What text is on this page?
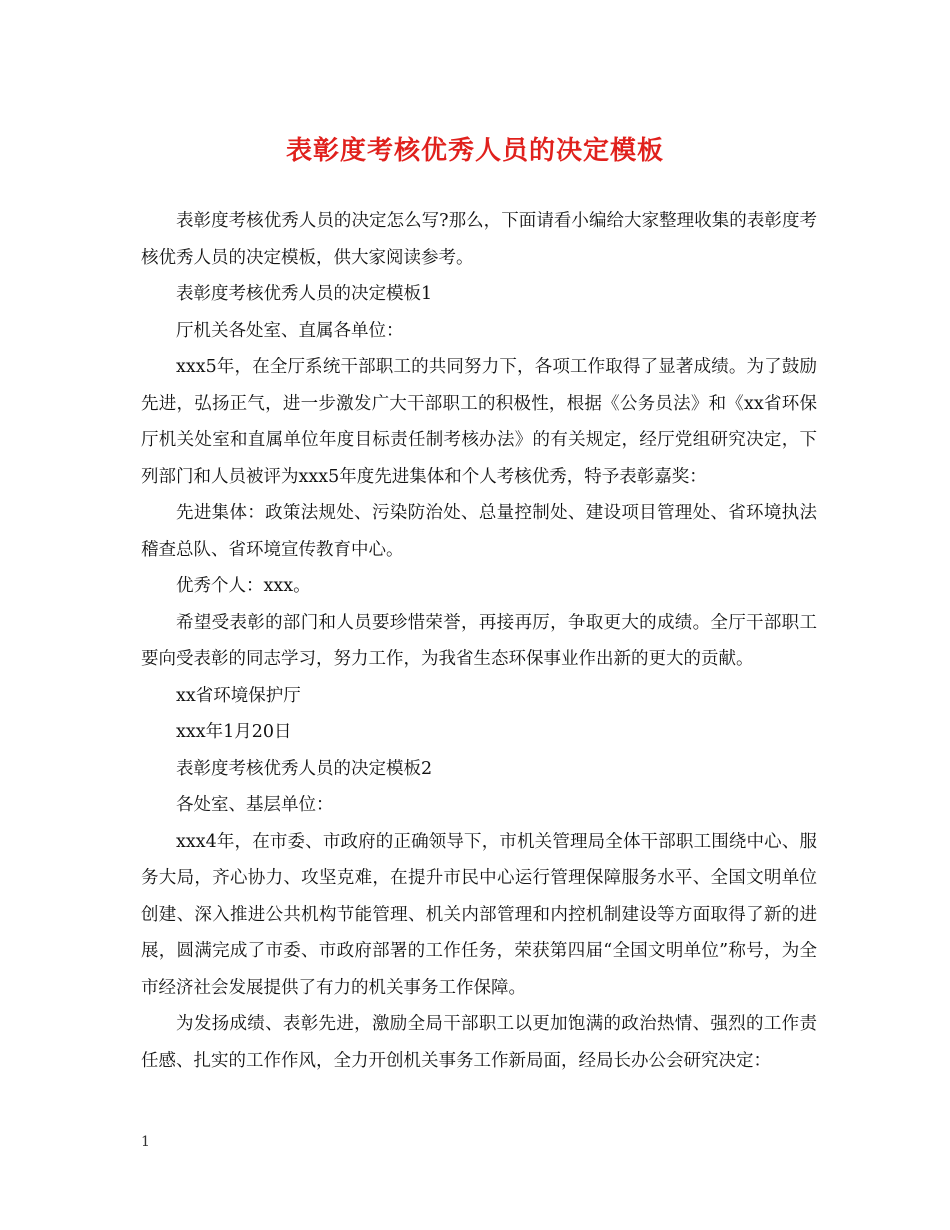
表彰度考核优秀人员的决定模板

表彰度考核优秀人员的决定怎么写?那么，下面请看小编给大家整理收集的表彰度考核优秀人员的决定模板，供大家阅读参考。

表彰度考核优秀人员的决定模板1

厅机关各处室、直属各单位：

xxx5年，在全厅系统干部职工的共同努力下，各项工作取得了显著成绩。为了鼓励先进，弘扬正气，进一步激发广大干部职工的积极性，根据《公务员法》和《xx省环保厅机关处室和直属单位年度目标责任制考核办法》的有关规定，经厅党组研究决定，下列部门和人员被评为xxx5年度先进集体和个人考核优秀，特予表彰嘉奖：

先进集体：政策法规处、污染防治处、总量控制处、建设项目管理处、省环境执法稽查总队、省环境宣传教育中心。

优秀个人：xxx。

希望受表彰的部门和人员要珍惜荣誉，再接再厉，争取更大的成绩。全厅干部职工要向受表彰的同志学习，努力工作，为我省生态环保事业作出新的更大的贡献。

xx省环境保护厅

xxx年1月20日

表彰度考核优秀人员的决定模板2

各处室、基层单位：

xxx4年，在市委、市政府的正确领导下，市机关管理局全体干部职工围绕中心、服务大局，齐心协力、攻坚克难，在提升市民中心运行管理保障服务水平、全国文明单位创建、深入推进公共机构节能管理、机关内部管理和内控机制建设等方面取得了新的进展，圆满完成了市委、市政府部署的工作任务，荣获第四届“全国文明单位”称号，为全市经济社会发展提供了有力的机关事务工作保障。

为发扬成绩、表彰先进，激励全局干部职工以更加饱满的政治热情、强烈的工作责任感、扎实的工作作风，全力开创机关事务工作新局面，经局长办公会研究决定：

1
